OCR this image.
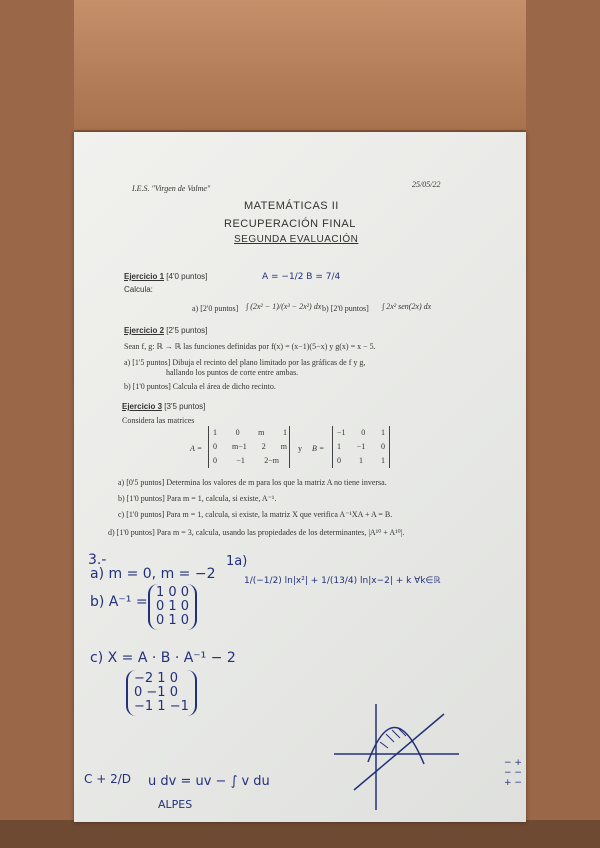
I.E.S. "Virgen de Valme"	25/05/22
MATEMÁTICAS II
RECUPERACIÓN FINAL
SEGUNDA EVALUACIÓN
Ejercicio 1 [4'0 puntos]
Calcula:
A = −1/2 B = 7/4
a) [2'0 puntos] ∫ (2x² − 1)/(x³ − 2x²) dx b) [2'0 puntos] ∫ 2x² sen(2x) dx
Ejercicio 2 [2'5 puntos]
Sean f, g: ℝ → ℝ las funciones definidas por f(x) = (x−1)(5−x) y g(x) = x − 5.
a) [1'5 puntos] Dibuja el recinto del plano limitado por las gráficas de f y g,
hallando los puntos de corte entre ambas.
b) [1'0 puntos] Calcula el área de dicho recinto.
Ejercicio 3 [3'5 puntos]
Considera las matrices
A =
1 0 m 1
0 m−1 2 m
0 −1 2−m
y B =
−1 0 1
1 −1 0
0 1 1
a) [0'5 puntos] Determina los valores de m para los que la matriz A no tiene inversa.
b) [1'0 puntos] Para m = 1, calcula, si existe, A⁻¹.
c) [1'0 puntos] Para m = 1, calcula, si existe, la matriz X que verifica A⁻¹XA + A = B.
d) [1'0 puntos] Para m = 3, calcula, usando las propiedades de los determinantes, |A¹⁰ + A¹⁰|.
3.-
a) m = 0, m = −2
b) A⁻¹ =
1 0 0
0 1 0
0 1 0
c) X = A · B · A⁻¹ − 2
−2 1 0
0 −1 0
−1 1 −1
1a)
1/(−1/2) ln|x²| + 1/(13/4) ln|x−2| + k ∀k∈ℝ
C + 2/D u dv = uv − ∫ v du
ALPES
− +
− −
+ −
